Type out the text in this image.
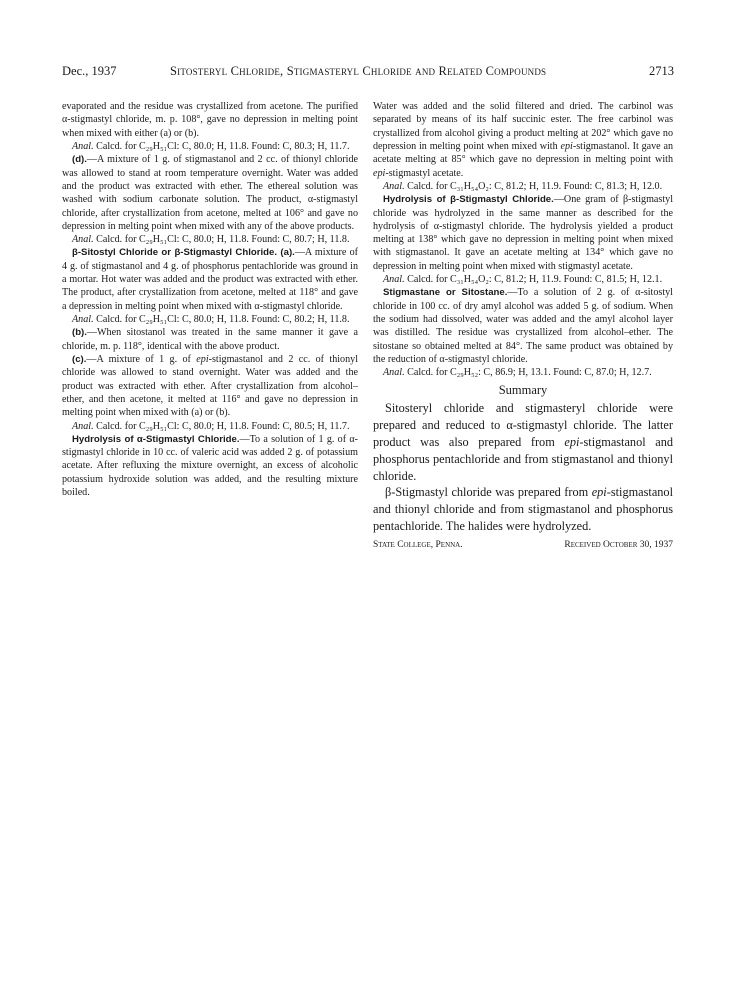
Dec., 1937	Sitosteryl Chloride, Stigmasteryl Chloride and Related Compounds	2713

evaporated and the residue was crystallized from acetone. The purified α-stigmastyl chloride, m. p. 108°, gave no depression in melting point when mixed with either (a) or (b).

Anal. Calcd. for C₂₉H₅₁Cl: C, 80.0; H, 11.8. Found: C, 80.3; H, 11.7.

(d).—A mixture of 1 g. of stigmastanol and 2 cc. of thionyl chloride was allowed to stand at room temperature overnight. Water was added and the product was extracted with ether. The ethereal solution was washed with sodium carbonate solution. The product, α-stigmastyl chloride, after crystallization from acetone, melted at 106° and gave no depression in melting point when mixed with any of the above products.

Anal. Calcd. for C₂₉H₅₁Cl: C, 80.0; H, 11.8. Found: C, 80.7; H, 11.8.

β-Sitostyl Chloride or β-Stigmastyl Chloride. (a).—A mixture of 4 g. of stigmastanol and 4 g. of phosphorus pentachloride was ground in a mortar. Hot water was added and the product was extracted with ether. The product, after crystallization from acetone, melted at 118° and gave a depression in melting point when mixed with α-stigmastyl chloride.

Anal. Calcd. for C₂₉H₅₁Cl: C, 80.0; H, 11.8. Found: C, 80.2; H, 11.8.

(b).—When sitostanol was treated in the same manner it gave a chloride, m. p. 118°, identical with the above product.

(c).—A mixture of 1 g. of epi-stigmastanol and 2 cc. of thionyl chloride was allowed to stand overnight. Water was added and the product was extracted with ether. After crystallization from alcohol–ether, and then acetone, it melted at 116° and gave no depression in melting point when mixed with (a) or (b).

Anal. Calcd. for C₂₉H₅₁Cl: C, 80.0; H, 11.8. Found: C, 80.5; H, 11.7.

Hydrolysis of α-Stigmastyl Chloride.—To a solution of 1 g. of α-stigmastyl chloride in 10 cc. of valeric acid was added 2 g. of potassium acetate. After refluxing the mixture overnight, an excess of alcoholic potassium hydroxide solution was added, and the resulting mixture boiled.

Water was added and the solid filtered and dried. The carbinol was separated by means of its half succinic ester. The free carbinol was crystallized from alcohol giving a product melting at 202° which gave no depression in melting point when mixed with epi-stigmastanol. It gave an acetate melting at 85° which gave no depression in melting point with epi-stigmastyl acetate.

Anal. Calcd. for C₃₁H₅₄O₂: C, 81.2; H, 11.9. Found: C, 81.3; H, 12.0.

Hydrolysis of β-Stigmastyl Chloride.—One gram of β-stigmastyl chloride was hydrolyzed in the same manner as described for the hydrolysis of α-stigmastyl chloride. The hydrolysis yielded a product melting at 138° which gave no depression in melting point when mixed with stigmastanol. It gave an acetate melting at 134° which gave no depression in melting point when mixed with stigmastyl acetate.

Anal. Calcd. for C₃₁H₅₄O₂: C, 81.2; H, 11.9. Found: C, 81.5; H, 12.1.

Stigmastane or Sitostane.—To a solution of 2 g. of α-sitostyl chloride in 100 cc. of dry amyl alcohol was added 5 g. of sodium. When the sodium had dissolved, water was added and the amyl alcohol layer was distilled. The residue was crystallized from alcohol–ether. The sitostane so obtained melted at 84°. The same product was obtained by the reduction of α-stigmastyl chloride.

Anal. Calcd. for C₂₉H₅₂: C, 86.9; H, 13.1. Found: C, 87.0; H, 12.7.

Summary

Sitosteryl chloride and stigmasteryl chloride were prepared and reduced to α-stigmastyl chloride. The latter product was also prepared from epi-stigmastanol and phosphorus pentachloride and from stigmastanol and thionyl chloride.

β-Stigmastyl chloride was prepared from epi-stigmastanol and thionyl chloride and from stigmastanol and phosphorus pentachloride. The halides were hydrolyzed.

State College, Penna.	Received October 30, 1937
